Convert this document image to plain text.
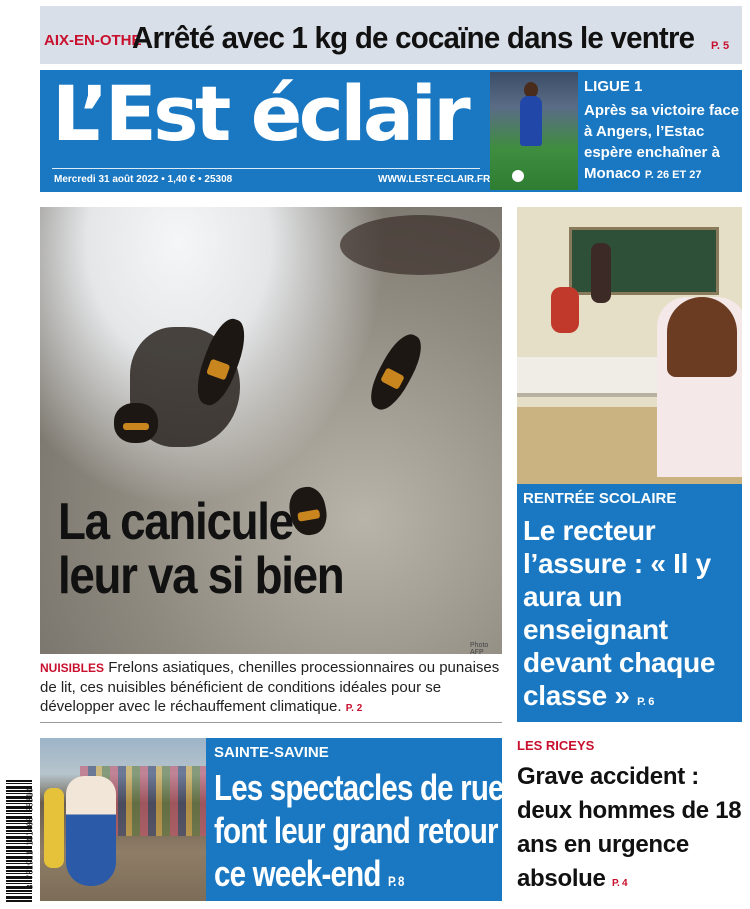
AIX-EN-OTHE
Arrêté avec 1 kg de cocaïne dans le ventre P. 5
L’Est éclair
Mercredi 31 août 2022 • 1,40 € • 25308	WWW.LEST-ECLAIR.FR
LIGUE 1
Après sa victoire face à Angers, l’Estac espère enchaîner à Monaco P. 26 ET 27
La canicule
leur va si bien
Photo AFP
NUISIBLES Frelons asiatiques, chenilles processionnaires ou punaises de lit, ces nuisibles bénéficient de conditions idéales pour se développer avec le réchauffement climatique. P. 2
RENTRÉE SCOLAIRE
Le recteur l’assure : « Il y aura un enseignant devant chaque classe » P. 6
SAINTE-SAVINE
Les spectacles de rue
font leur grand retour
ce week-end P. 8
LES RICEYS
Grave accident : deux hommes de 18 ans en urgence absolue P. 4
3 782921 101408 08310
